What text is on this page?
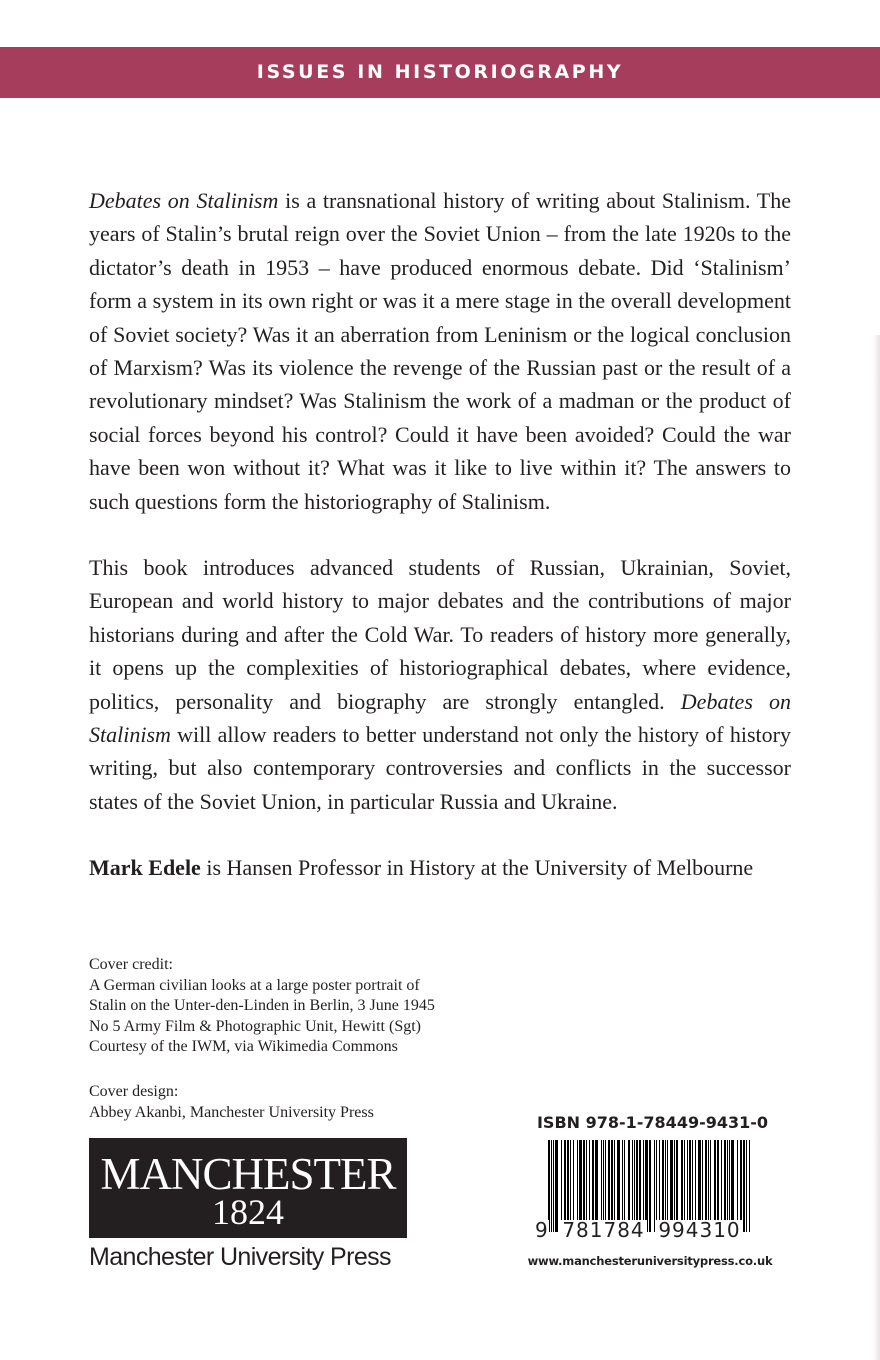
ISSUES IN HISTORIOGRAPHY

Debates on Stalinism is a transnational history of writing about Stalinism. The years of Stalin’s brutal reign over the Soviet Union – from the late 1920s to the dictator’s death in 1953 – have produced enormous debate. Did ‘Stalinism’ form a system in its own right or was it a mere stage in the overall development of Soviet society? Was it an aberration from Leninism or the logical conclusion of Marxism? Was its violence the revenge of the Russian past or the result of a revolutionary mindset? Was Stalinism the work of a madman or the product of social forces beyond his control? Could it have been avoided? Could the war have been won without it? What was it like to live within it? The answers to such questions form the historiography of Stalinism.

This book introduces advanced students of Russian, Ukrainian, Soviet, European and world history to major debates and the contributions of major historians during and after the Cold War. To readers of history more generally, it opens up the complexities of historiographical debates, where evidence, politics, personality and biography are strongly entangled. Debates on Stalinism will allow readers to better understand not only the history of history writing, but also contemporary controversies and conflicts in the successor states of the Soviet Union, in particular Russia and Ukraine.

Mark Edele is Hansen Professor in History at the University of Melbourne

Cover credit:
A German civilian looks at a large poster portrait of
Stalin on the Unter-den-Linden in Berlin, 3 June 1945
No 5 Army Film & Photographic Unit, Hewitt (Sgt)
Courtesy of the IWM, via Wikimedia Commons
Cover design:
Abbey Akanbi, Manchester University Press
MANCHESTER
1824
Manchester University Press
ISBN 978-1-78449-9431-0
9 781784 994310
www.manchesteruniversitypress.co.uk
